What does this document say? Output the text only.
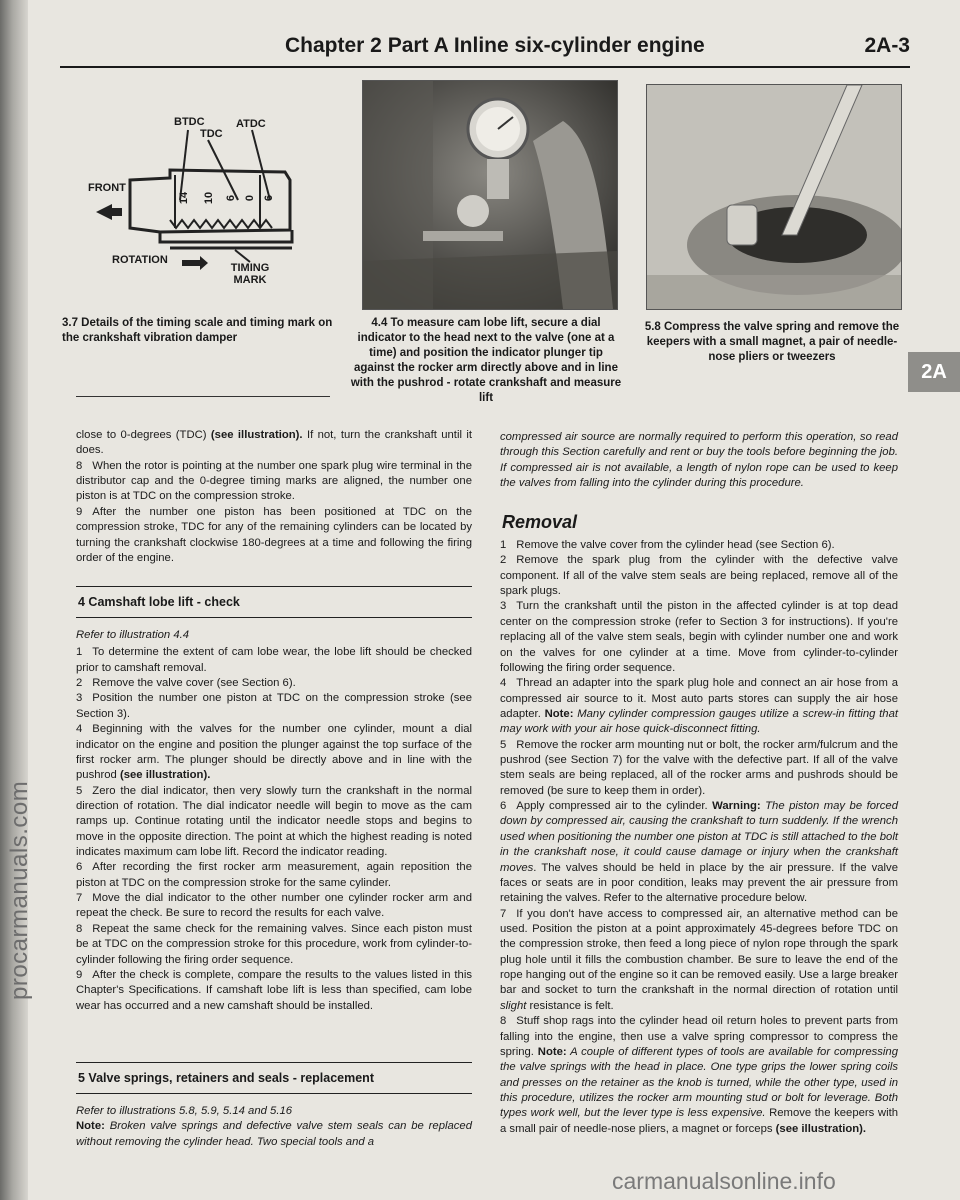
procarmanuals.com
Chapter 2 Part A Inline six-cylinder engine	2A-3
BTDC
TDC
ATDC
FRONT
ROTATION
TIMING MARK
14 10 6 0 6
3.7 Details of the timing scale and timing mark on the crankshaft vibration damper
4.4 To measure cam lobe lift, secure a dial indicator to the head next to the valve (one at a time) and position the indicator plunger tip against the rocker arm directly above and in line with the pushrod - rotate crankshaft and measure lift
5.8 Compress the valve spring and remove the keepers with a small magnet, a pair of needle-nose pliers or tweezers
2A

close to 0-degrees (TDC) (see illustration). If not, turn the crankshaft until it does.

8 When the rotor is pointing at the number one spark plug wire terminal in the distributor cap and the 0-degree timing marks are aligned, the number one piston is at TDC on the compression stroke.

9 After the number one piston has been positioned at TDC on the compression stroke, TDC for any of the remaining cylinders can be located by turning the crankshaft clockwise 180-degrees at a time and following the firing order of the engine.

4 Camshaft lobe lift - check

Refer to illustration 4.4

1 To determine the extent of cam lobe wear, the lobe lift should be checked prior to camshaft removal.

2 Remove the valve cover (see Section 6).

3 Position the number one piston at TDC on the compression stroke (see Section 3).

4 Beginning with the valves for the number one cylinder, mount a dial indicator on the engine and position the plunger against the top surface of the first rocker arm. The plunger should be directly above and in line with the pushrod (see illustration).

5 Zero the dial indicator, then very slowly turn the crankshaft in the normal direction of rotation. The dial indicator needle will begin to move as the cam ramps up. Continue rotating until the indicator needle stops and begins to move in the opposite direction. The point at which the highest reading is noted indicates maximum cam lobe lift. Record the indicator reading.

6 After recording the first rocker arm measurement, again reposition the piston at TDC on the compression stroke for the same cylinder.

7 Move the dial indicator to the other number one cylinder rocker arm and repeat the check. Be sure to record the results for each valve.

8 Repeat the same check for the remaining valves. Since each piston must be at TDC on the compression stroke for this procedure, work from cylinder-to-cylinder following the firing order sequence.

9 After the check is complete, compare the results to the values listed in this Chapter's Specifications. If camshaft lobe lift is less than specified, cam lobe wear has occurred and a new camshaft should be installed.

5 Valve springs, retainers and seals - replacement

Refer to illustrations 5.8, 5.9, 5.14 and 5.16

Note: Broken valve springs and defective valve stem seals can be replaced without removing the cylinder head. Two special tools and a

compressed air source are normally required to perform this operation, so read through this Section carefully and rent or buy the tools before beginning the job. If compressed air is not available, a length of nylon rope can be used to keep the valves from falling into the cylinder during this procedure.

Removal

1 Remove the valve cover from the cylinder head (see Section 6).

2 Remove the spark plug from the cylinder with the defective valve component. If all of the valve stem seals are being replaced, remove all of the spark plugs.

3 Turn the crankshaft until the piston in the affected cylinder is at top dead center on the compression stroke (refer to Section 3 for instructions). If you're replacing all of the valve stem seals, begin with cylinder number one and work on the valves for one cylinder at a time. Move from cylinder-to-cylinder following the firing order sequence.

4 Thread an adapter into the spark plug hole and connect an air hose from a compressed air source to it. Most auto parts stores can supply the air hose adapter. Note: Many cylinder compression gauges utilize a screw-in fitting that may work with your air hose quick-disconnect fitting.

5 Remove the rocker arm mounting nut or bolt, the rocker arm/fulcrum and the pushrod (see Section 7) for the valve with the defective part. If all of the valve stem seals are being replaced, all of the rocker arms and pushrods should be removed (be sure to keep them in order).

6 Apply compressed air to the cylinder. Warning: The piston may be forced down by compressed air, causing the crankshaft to turn suddenly. If the wrench used when positioning the number one piston at TDC is still attached to the bolt in the crankshaft nose, it could cause damage or injury when the crankshaft moves. The valves should be held in place by the air pressure. If the valve faces or seats are in poor condition, leaks may prevent the air pressure from retaining the valves. Refer to the alternative procedure below.

7 If you don't have access to compressed air, an alternative method can be used. Position the piston at a point approximately 45-degrees before TDC on the compression stroke, then feed a long piece of nylon rope through the spark plug hole until it fills the combustion chamber. Be sure to leave the end of the rope hanging out of the engine so it can be removed easily. Use a large breaker bar and socket to turn the crankshaft in the normal direction of rotation until slight resistance is felt.

8 Stuff shop rags into the cylinder head oil return holes to prevent parts from falling into the engine, then use a valve spring compressor to compress the spring. Note: A couple of different types of tools are available for compressing the valve springs with the head in place. One type grips the lower spring coils and presses on the retainer as the knob is turned, while the other type, used in this procedure, utilizes the rocker arm mounting stud or bolt for leverage. Both types work well, but the lever type is less expensive. Remove the keepers with a small pair of needle-nose pliers, a magnet or forceps (see illustration).

carmanualsonline.info
